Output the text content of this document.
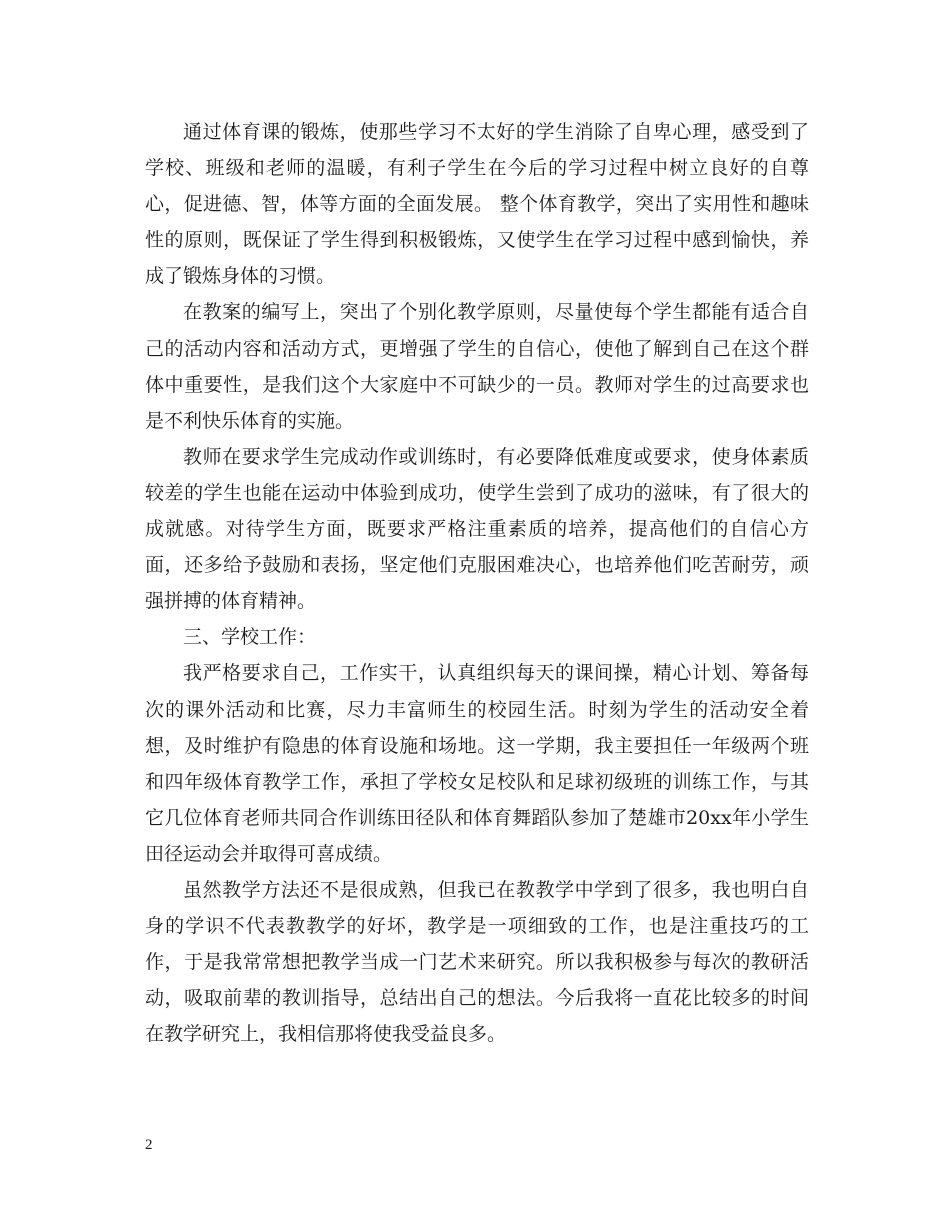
通过体育课的锻炼，使那些学习不太好的学生消除了自卑心理，感受到了学校、班级和老师的温暖，有利子学生在今后的学习过程中树立良好的自尊心，促进德、智，体等方面的全面发展。 整个体育教学，突出了实用性和趣味性的原则，既保证了学生得到积极锻炼，又使学生在学习过程中感到愉快，养成了锻炼身体的习惯。

在教案的编写上，突出了个别化教学原则，尽量使每个学生都能有适合自己的活动内容和活动方式，更增强了学生的自信心，使他了解到自己在这个群体中重要性，是我们这个大家庭中不可缺少的一员。教师对学生的过高要求也是不利快乐体育的实施。

教师在要求学生完成动作或训练时，有必要降低难度或要求，使身体素质较差的学生也能在运动中体验到成功，使学生尝到了成功的滋味，有了很大的成就感。对待学生方面，既要求严格注重素质的培养，提高他们的自信心方面，还多给予鼓励和表扬，坚定他们克服困难决心，也培养他们吃苦耐劳，顽强拼搏的体育精神。

三、学校工作：

我严格要求自己，工作实干，认真组织每天的课间操，精心计划、筹备每次的课外活动和比赛，尽力丰富师生的校园生活。时刻为学生的活动安全着想，及时维护有隐患的体育设施和场地。这一学期，我主要担任一年级两个班和四年级体育教学工作，承担了学校女足校队和足球初级班的训练工作，与其它几位体育老师共同合作训练田径队和体育舞蹈队参加了楚雄市20xx年小学生田径运动会并取得可喜成绩。

虽然教学方法还不是很成熟，但我已在教教学中学到了很多，我也明白自身的学识不代表教教学的好坏，教学是一项细致的工作，也是注重技巧的工作，于是我常常想把教学当成一门艺术来研究。所以我积极参与每次的教研活动，吸取前辈的教训指导，总结出自己的想法。今后我将一直花比较多的时间在教学研究上，我相信那将使我受益良多。

2
